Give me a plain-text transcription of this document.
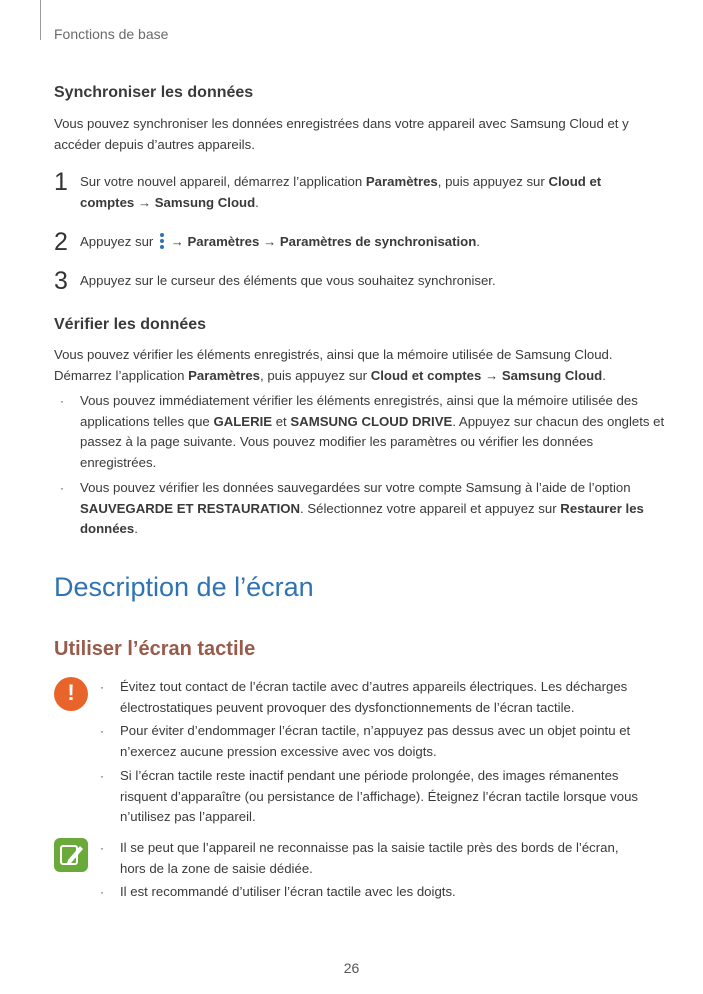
Fonctions de base
Synchroniser les données
Vous pouvez synchroniser les données enregistrées dans votre appareil avec Samsung Cloud et y accéder depuis d’autres appareils.
1 Sur votre nouvel appareil, démarrez l’application Paramètres, puis appuyez sur Cloud et comptes → Samsung Cloud.
2 Appuyez sur  → Paramètres → Paramètres de synchronisation.
3 Appuyez sur le curseur des éléments que vous souhaitez synchroniser.
Vérifier les données
Vous pouvez vérifier les éléments enregistrés, ainsi que la mémoire utilisée de Samsung Cloud.
Démarrez l’application Paramètres, puis appuyez sur Cloud et comptes → Samsung Cloud.
· Vous pouvez immédiatement vérifier les éléments enregistrés, ainsi que la mémoire utilisée des applications telles que GALERIE et SAMSUNG CLOUD DRIVE. Appuyez sur chacun des onglets et passez à la page suivante. Vous pouvez modifier les paramètres ou vérifier les données enregistrées.
· Vous pouvez vérifier les données sauvegardées sur votre compte Samsung à l’aide de l’option SAUVEGARDE ET RESTAURATION. Sélectionnez votre appareil et appuyez sur Restaurer les données.
Description de l’écran
Utiliser l’écran tactile
!	· Évitez tout contact de l’écran tactile avec d’autres appareils électriques. Les décharges électrostatiques peuvent provoquer des dysfonctionnements de l’écran tactile.
· Pour éviter d’endommager l’écran tactile, n’appuyez pas dessus avec un objet pointu et n’exercez aucune pression excessive avec vos doigts.
· Si l’écran tactile reste inactif pendant une période prolongée, des images rémanentes risquent d’apparaître (ou persistance de l’affichage). Éteignez l’écran tactile lorsque vous n’utilisez pas l’appareil.
· Il se peut que l’appareil ne reconnaisse pas la saisie tactile près des bords de l’écran, hors de la zone de saisie dédiée.
· Il est recommandé d’utiliser l’écran tactile avec les doigts.
26
